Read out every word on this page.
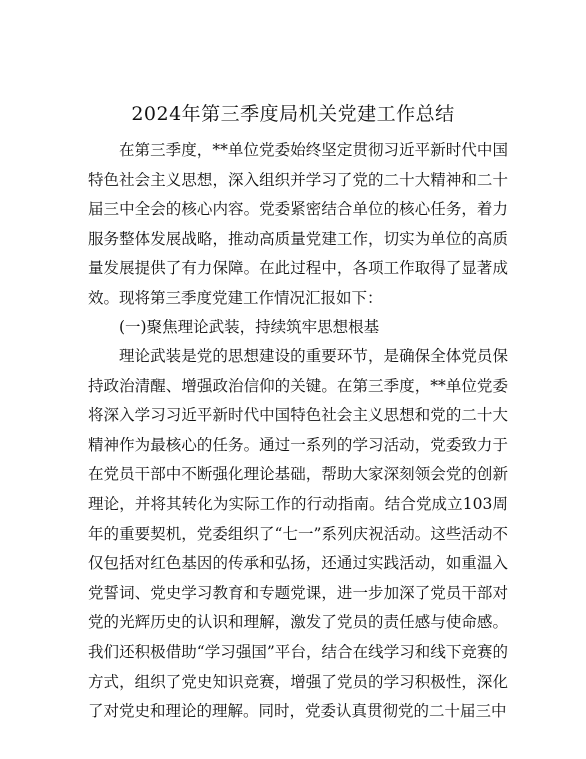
2024年第三季度局机关党建工作总结
在第三季度，**单位党委始终坚定贯彻习近平新时代中国特色社会主义思想，深入组织并学习了党的二十大精神和二十届三中全会的核心内容。党委紧密结合单位的核心任务，着力服务整体发展战略，推动高质量党建工作，切实为单位的高质量发展提供了有力保障。在此过程中，各项工作取得了显著成效。现将第三季度党建工作情况汇报如下：
(一)聚焦理论武装，持续筑牢思想根基
理论武装是党的思想建设的重要环节，是确保全体党员保持政治清醒、增强政治信仰的关键。在第三季度，**单位党委将深入学习习近平新时代中国特色社会主义思想和党的二十大精神作为最核心的任务。通过一系列的学习活动，党委致力于在党员干部中不断强化理论基础，帮助大家深刻领会党的创新理论，并将其转化为实际工作的行动指南。结合党成立103周年的重要契机，党委组织了“七一”系列庆祝活动。这些活动不仅包括对红色基因的传承和弘扬，还通过实践活动，如重温入党誓词、党史学习教育和专题党课，进一步加深了党员干部对党的光辉历史的认识和理解，激发了党员的责任感与使命感。我们还积极借助“学习强国”平台，结合在线学习和线下竞赛的方式，组织了党史知识竞赛，增强了党员的学习积极性，深化了对党史和理论的理解。同时，党委认真贯彻党的二十届三中
